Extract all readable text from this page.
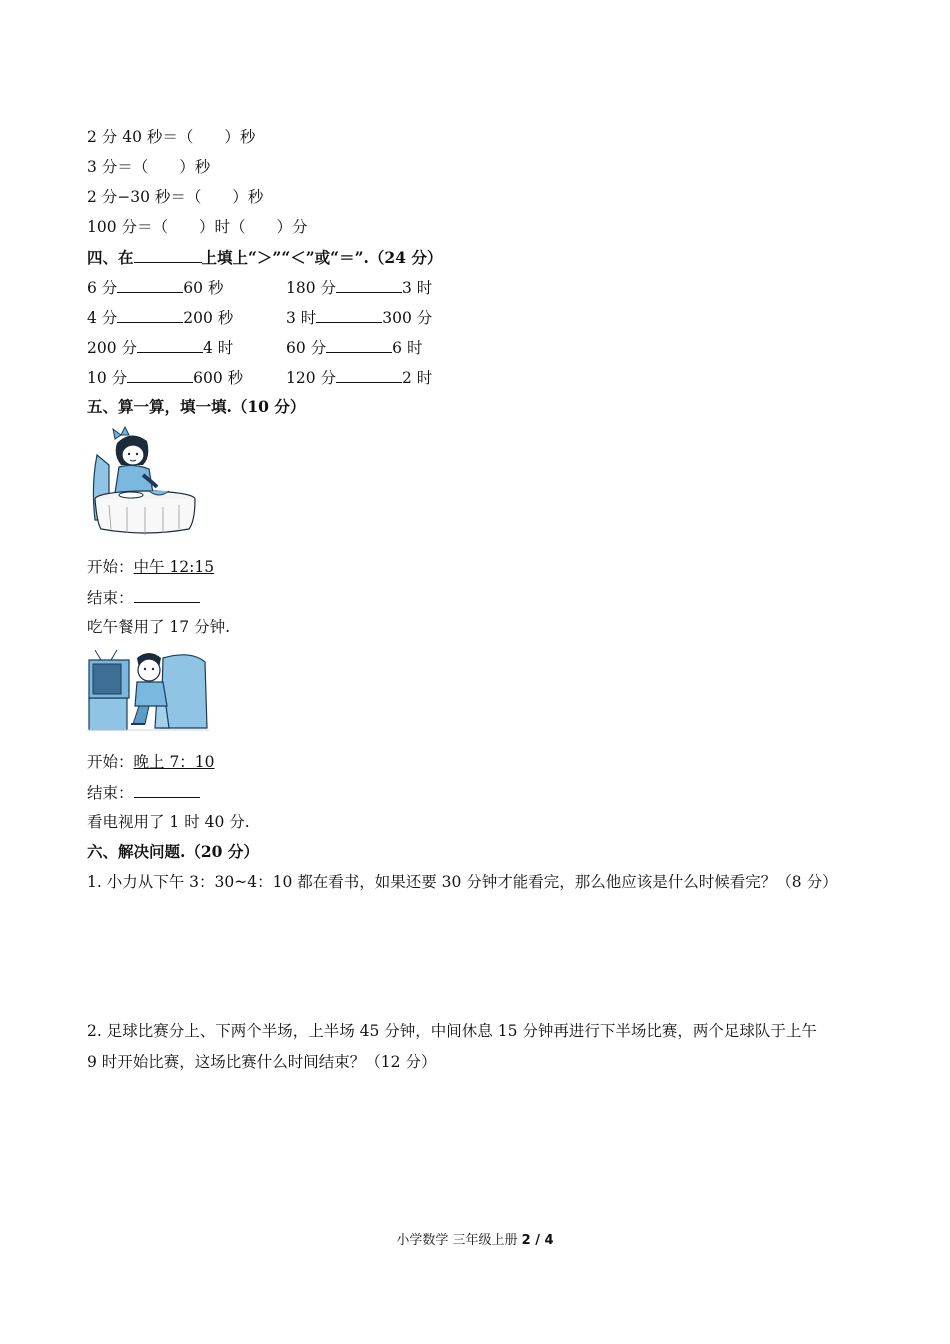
2 分 40 秒＝（　　）秒
3 分＝（　　）秒
2 分−30 秒＝（　　）秒
100 分＝（　　）时（　　）分
四、在	上填上“＞”“＜”或“＝”.（24 分）
6 分	60 秒	180 分	3 时
4 分	200 秒	3 时	300 分
200 分	4 时	60 分	6 时
10 分	600 秒	120 分	2 时
五、算一算，填一填.（10 分）
开始：中午 12:15
结束：
吃午餐用了 17 分钟.
开始：晚上 7：10
结束：
看电视用了 1 时 40 分.
六、解决问题.（20 分）
1. 小力从下午 3：30~4：10 都在看书，如果还要 30 分钟才能看完，那么他应该是什么时候看完？（8 分）
2. 足球比赛分上、下两个半场，上半场 45 分钟，中间休息 15 分钟再进行下半场比赛，两个足球队于上午
9 时开始比赛，这场比赛什么时间结束？（12 分）
小学数学 三年级上册 2 / 4
